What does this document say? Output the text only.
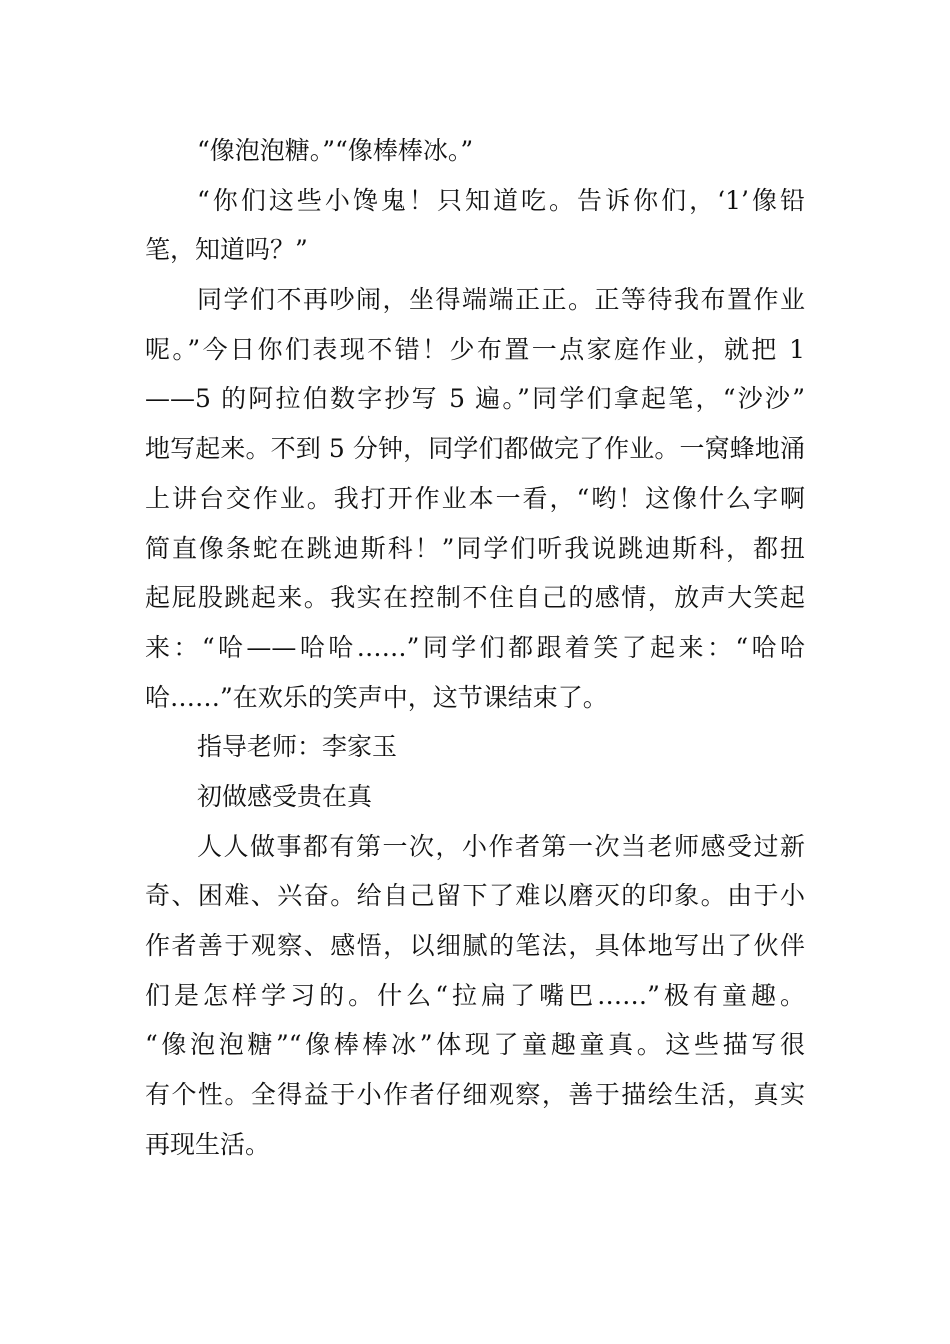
“像泡泡糖。”“像棒棒冰。”
“你们这些小馋鬼！只知道吃。告诉你们，‘1’像铅
笔，知道吗？”
同学们不再吵闹，坐得端端正正。正等待我布置作业
呢。”今日你们表现不错！少布置一点家庭作业，就把 1
——5 的阿拉伯数字抄写 5 遍。”同学们拿起笔，“沙沙”
地写起来。不到 5 分钟，同学们都做完了作业。一窝蜂地涌
上讲台交作业。我打开作业本一看，“哟！这像什么字啊
简直像条蛇在跳迪斯科！”同学们听我说跳迪斯科，都扭
起屁股跳起来。我实在控制不住自己的感情，放声大笑起
来：“哈——哈哈……”同学们都跟着笑了起来：“哈哈
哈……”在欢乐的笑声中，这节课结束了。
指导老师：李家玉
初做感受贵在真
人人做事都有第一次，小作者第一次当老师感受过新
奇、困难、兴奋。给自己留下了难以磨灭的印象。由于小
作者善于观察、感悟，以细腻的笔法，具体地写出了伙伴
们是怎样学习的。什么“拉扁了嘴巴……”极有童趣。
“像泡泡糖”“像棒棒冰”体现了童趣童真。这些描写很
有个性。全得益于小作者仔细观察，善于描绘生活，真实
再现生活。
